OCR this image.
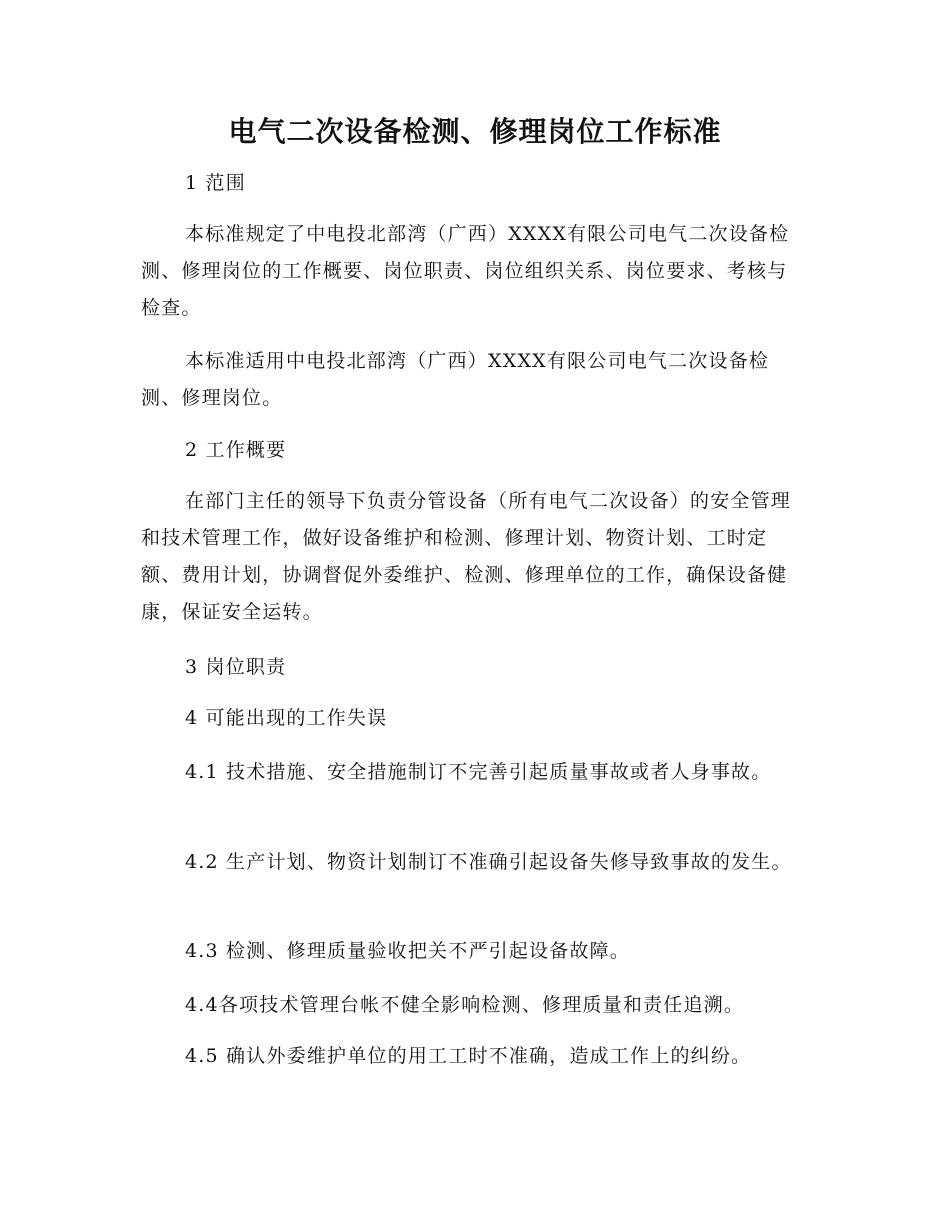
电气二次设备检测、修理岗位工作标准

1 范围

本标准规定了中电投北部湾（广西）XXXX有限公司电气二次设备检测、修理岗位的工作概要、岗位职责、岗位组织关系、岗位要求、考核与检查。

本标准适用中电投北部湾（广西）XXXX有限公司电气二次设备检测、修理岗位。

2 工作概要

在部门主任的领导下负责分管设备（所有电气二次设备）的安全管理和技术管理工作，做好设备维护和检测、修理计划、物资计划、工时定额、费用计划，协调督促外委维护、检测、修理单位的工作，确保设备健康，保证安全运转。

3 岗位职责

4 可能出现的工作失误

4.1 技术措施、安全措施制订不完善引起质量事故或者人身事故。

4.2 生产计划、物资计划制订不准确引起设备失修导致事故的发生。

4.3 检测、修理质量验收把关不严引起设备故障。

4.4各项技术管理台帐不健全影响检测、修理质量和责任追溯。

4.5 确认外委维护单位的用工工时不准确，造成工作上的纠纷。
